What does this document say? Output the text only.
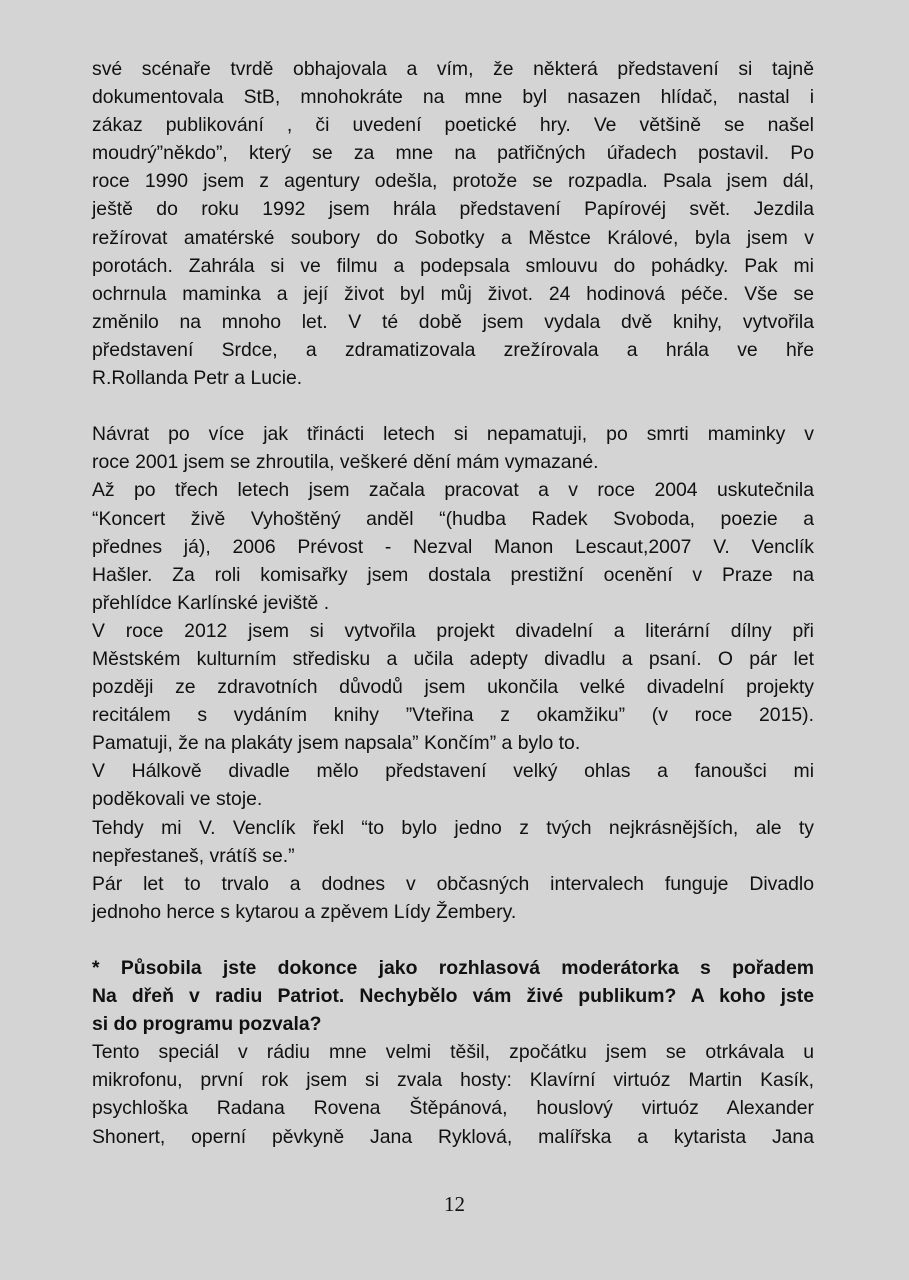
své scénaře tvrdě obhajovala a vím, že některá představení si tajně
dokumentovala StB, mnohokráte na mne byl nasazen hlídač, nastal i
zákaz publikování , či uvedení poetické hry. Ve většině se našel
moudrý”někdo”, který se za mne na patřičných úřadech postavil. Po
roce 1990 jsem z agentury odešla, protože se rozpadla. Psala jsem dál,
ještě do roku 1992 jsem hrála představení Papírovéj svět. Jezdila
režírovat amatérské soubory do Sobotky a Městce Králové, byla jsem v
porotách. Zahrála si ve filmu a podepsala smlouvu do pohádky. Pak mi
ochrnula maminka a její život byl můj život. 24 hodinová péče. Vše se
změnilo na mnoho let. V té době jsem vydala dvě knihy, vytvořila
představení Srdce, a zdramatizovala zrežírovala a hrála ve hře
R.Rollanda Petr a Lucie.
Návrat po více jak třinácti letech si nepamatuji, po smrti maminky v
roce 2001 jsem se zhroutila, veškeré dění mám vymazané.
Až po třech letech jsem začala pracovat a v roce 2004 uskutečnila
“Koncert živě Vyhoštěný anděl “(hudba Radek Svoboda, poezie a
přednes já), 2006 Prévost - Nezval Manon Lescaut,2007 V. Venclík
Hašler. Za roli komisařky jsem dostala prestižní ocenění v Praze na
přehlídce Karlínské jeviště .
V roce 2012 jsem si vytvořila projekt divadelní a literární dílny při
Městském kulturním středisku a učila adepty divadlu a psaní. O pár let
později ze zdravotních důvodů jsem ukončila velké divadelní projekty
recitálem s vydáním knihy ”Vteřina z okamžiku” (v roce 2015).
Pamatuji, že na plakáty jsem napsala” Končím” a bylo to.
V Hálkově divadle mělo představení velký ohlas a fanoušci mi
poděkovali ve stoje.
Tehdy mi V. Venclík řekl “to bylo jedno z tvých nejkrásnějších, ale ty
nepřestaneš, vrátíš se.”
Pár let to trvalo a dodnes v občasných intervalech funguje Divadlo
jednoho herce s kytarou a zpěvem Lídy Žembery.
* Působila jste dokonce jako rozhlasová moderátorka s pořadem
Na dřeň v radiu Patriot. Nechybělo vám živé publikum? A koho jste
si do programu pozvala?
Tento speciál v rádiu mne velmi těšil, zpočátku jsem se otrkávala u
mikrofonu, první rok jsem si zvala hosty: Klavírní virtuóz Martin Kasík,
psychloška Radana Rovena Štěpánová, houslový virtuóz Alexander
Shonert, operní pěvkyně Jana Ryklová, malířska a kytarista Jana
12
